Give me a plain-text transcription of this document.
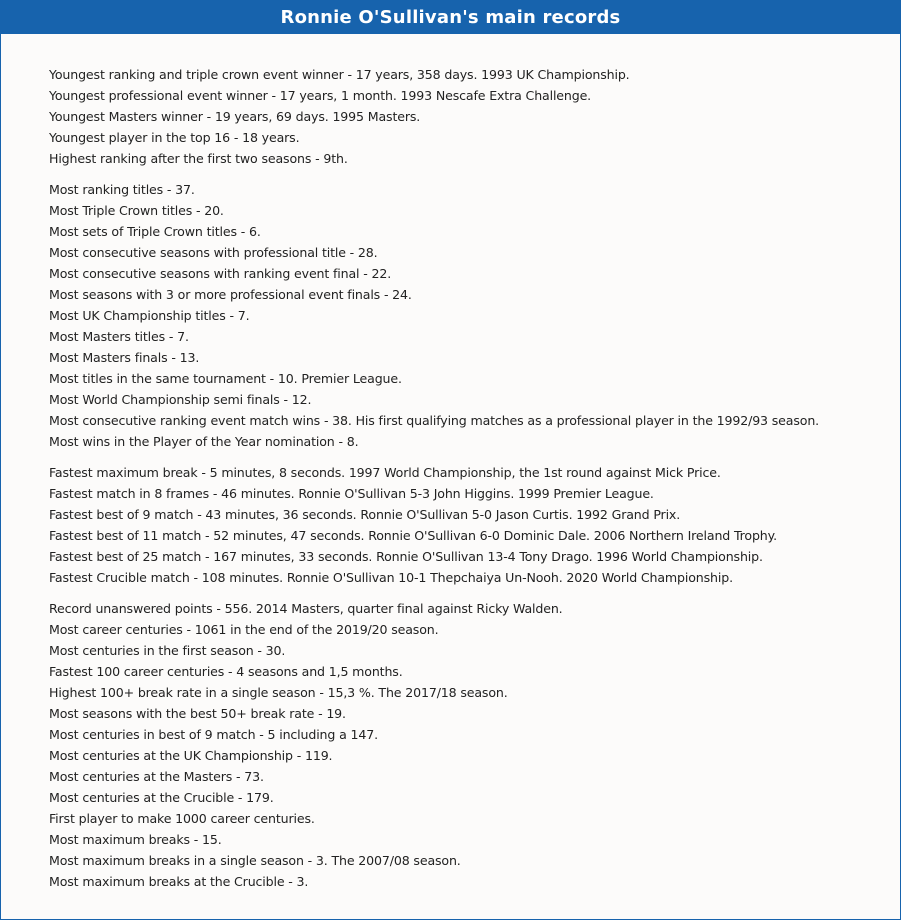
Ronnie O'Sullivan's main records
Youngest ranking and triple crown event winner - 17 years, 358 days. 1993 UK Championship.
Youngest professional event winner - 17 years, 1 month. 1993 Nescafe Extra Challenge.
Youngest Masters winner - 19 years, 69 days. 1995 Masters.
Youngest player in the top 16 - 18 years.
Highest ranking after the first two seasons - 9th.
Most ranking titles - 37.
Most Triple Crown titles - 20.
Most sets of Triple Crown titles - 6.
Most consecutive seasons with professional title - 28.
Most consecutive seasons with ranking event final - 22.
Most seasons with 3 or more professional event finals - 24.
Most UK Championship titles - 7.
Most Masters titles - 7.
Most Masters finals - 13.
Most titles in the same tournament - 10. Premier League.
Most World Championship semi finals - 12.
Most consecutive ranking event match wins - 38. His first qualifying matches as a professional player in the 1992/93 season.
Most wins in the Player of the Year nomination - 8.
Fastest maximum break - 5 minutes, 8 seconds. 1997 World Championship, the 1st round against Mick Price.
Fastest match in 8 frames - 46 minutes. Ronnie O'Sullivan 5-3 John Higgins. 1999 Premier League.
Fastest best of 9 match - 43 minutes, 36 seconds. Ronnie O'Sullivan 5-0 Jason Curtis. 1992 Grand Prix.
Fastest best of 11 match - 52 minutes, 47 seconds. Ronnie O'Sullivan 6-0 Dominic Dale. 2006 Northern Ireland Trophy.
Fastest best of 25 match - 167 minutes, 33 seconds. Ronnie O'Sullivan 13-4 Tony Drago. 1996 World Championship.
Fastest Crucible match - 108 minutes. Ronnie O'Sullivan 10-1 Thepchaiya Un-Nooh. 2020 World Championship.
Record unanswered points - 556. 2014 Masters, quarter final against Ricky Walden.
Most career centuries - 1061 in the end of the 2019/20 season.
Most centuries in the first season - 30.
Fastest 100 career centuries - 4 seasons and 1,5 months.
Highest 100+ break rate in a single season - 15,3 %. The 2017/18 season.
Most seasons with the best 50+ break rate - 19.
Most centuries in best of 9 match - 5 including a 147.
Most centuries at the UK Championship - 119.
Most centuries at the Masters - 73.
Most centuries at the Crucible - 179.
First player to make 1000 career centuries.
Most maximum breaks - 15.
Most maximum breaks in a single season - 3. The 2007/08 season.
Most maximum breaks at the Crucible - 3.
